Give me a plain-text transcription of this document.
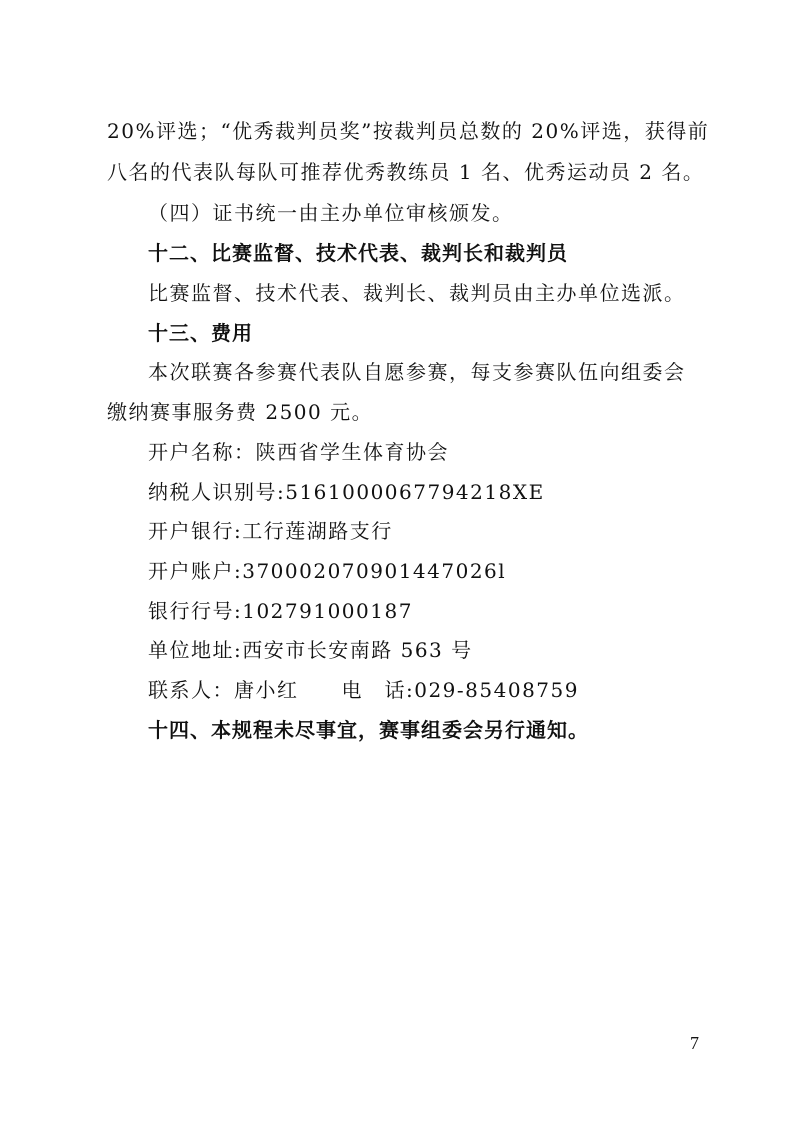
20%评选；“优秀裁判员奖”按裁判员总数的 20%评选，获得前
八名的代表队每队可推荐优秀教练员 1 名、优秀运动员 2 名。
（四）证书统一由主办单位审核颁发。
十二、比赛监督、技术代表、裁判长和裁判员
比赛监督、技术代表、裁判长、裁判员由主办单位选派。
十三、费用
本次联赛各参赛代表队自愿参赛，每支参赛队伍向组委会
缴纳赛事服务费 2500 元。
开户名称：陕西省学生体育协会
纳税人识别号:5161000067794218XE
开户银行:工行莲湖路支行
开户账户:370002070901447026l
银行行号:102791000187
单位地址:西安市长安南路 563 号
联系人：唐小红　　电　话:029-85408759
十四、本规程未尽事宜，赛事组委会另行通知。
7
